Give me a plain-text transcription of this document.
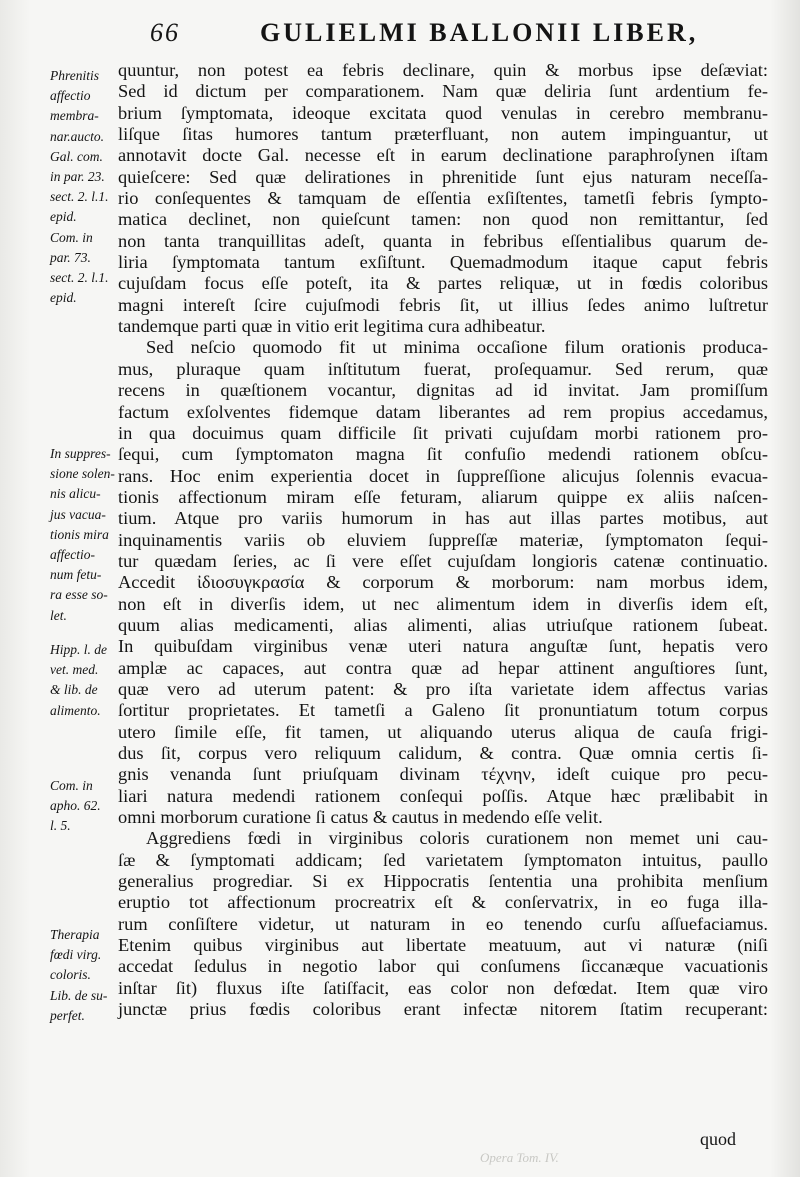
66	GULIELMI BALLONII LIBER,
Phrenitis
affectio
membra-
nar.aucto.
Gal. com.
in par. 23.
sect. 2. l.1.
epid.
Com. in
par. 73.
sect. 2. l.1.
epid.
In suppres-
sione solen-
nis alicu-
jus vacua-
tionis mira
affectio-
num fetu-
ra esse so-
let.
Hipp. l. de
vet. med.
& lib. de
alimento.
Com. in
apho. 62.
l. 5.
Therapia
fœdi virg.
coloris.
Lib. de su-
perfet.
quuntur, non potest ea febris declinare, quin & morbus ipse deſæviat:
Sed id dictum per comparationem. Nam quæ deliria ſunt ardentium fe-
brium ſymptomata, ideoque excitata quod venulas in cerebro membranu-
liſque ſitas humores tantum præterfluant, non autem impinguantur, ut
annotavit docte Gal. necesse eſt in earum declinatione paraphroſynen iſtam
quieſcere: Sed quæ delirationes in phrenitide ſunt ejus naturam neceſſa-
rio conſequentes & tamquam de eſſentia exſiſtentes, tametſi febris ſympto-
matica declinet, non quieſcunt tamen: non quod non remittantur, ſed
non tanta tranquillitas adeſt, quanta in febribus eſſentialibus quarum de-
liria ſymptomata tantum exſiſtunt. Quemadmodum itaque caput febris
cujuſdam focus eſſe poteſt, ita & partes reliquæ, ut in fœdis coloribus
magni intereſt ſcire cujuſmodi febris ſit, ut illius ſedes animo luſtretur
tandemque parti quæ in vitio erit legitima cura adhibeatur.
Sed neſcio quomodo fit ut minima occaſione filum orationis producа-
mus, pluraque quam inſtitutum fuerat, proſequamur. Sed rerum, quæ
recens in quæſtionem vocantur, dignitas ad id invitat. Jam promiſſum
factum exſolventes fidemque datam liberantes ad rem propius accedamus,
in qua docuimus quam difficile ſit privati cujuſdam morbi rationem pro-
ſequi, cum ſymptomaton magna ſit confuſio medendi rationem obſcu-
rans. Hoc enim experientia docet in ſuppreſſione alicujus ſolennis evacua-
tionis affectionum miram eſſe feturam, aliarum quippe ex aliis naſcen-
tium. Atque pro variis humorum in has aut illas partes motibus, aut
inquinamentis variis ob eluviem ſuppreſſæ materiæ, ſymptomaton ſequi-
tur quædam ſeries, ac ſi vere eſſet cujuſdam longioris catenæ continuatio.
Accedit ἰδιοσυγκρασία & corporum & morborum: nam morbus idem,
non eſt in diverſis idem, ut nec alimentum idem in diverſis idem eſt,
quum alias medicamenti, alias alimenti, alias utriuſque rationem ſubeat.
In quibuſdam virginibus venæ uteri natura anguſtæ ſunt, hepatis vero
amplæ ac capaces, aut contra quæ ad hepar attinent anguſtiores ſunt,
quæ vero ad uterum patent: & pro iſta varietate idem affectus varias
ſortitur proprietates. Et tametſi a Galeno ſit pronuntiatum totum corpus
utero ſimile eſſe, fit tamen, ut aliquando uterus aliqua de cauſa frigi-
dus ſit, corpus vero reliquum calidum, & contra. Quæ omnia certis ſi-
gnis venanda ſunt priuſquam divinam τέχνην, ideſt cuique pro pecu-
liari natura medendi rationem conſequi poſſis. Atque hæc prælibabit in
omni morborum curatione ſi catus & cautus in medendo eſſe velit.
Aggrediens fœdi in virginibus coloris curationem non memet uni cau-
ſæ & ſymptomati addicam; ſed varietatem ſymptomaton intuitus, paullo
generalius progrediar. Si ex Hippocratis ſententia una prohibita menſium
eruptio tot affectionum procreatrix eſt & conſervatrix, in eo fuga illa-
rum conſiſtere videtur, ut naturam in eo tenendo curſu aſſuefaciamus.
Etenim quibus virginibus aut libertate meatuum, aut vi naturæ (niſi
accedat ſedulus in negotio labor qui conſumens ſiccanæque vacuationis
inſtar ſit) fluxus iſte ſatiſfacit, eas color non defœdat. Item quæ viro
junctæ prius fœdis coloribus erant infectæ nitorem ſtatim recuperant:
quod
Opera Tom. IV.
